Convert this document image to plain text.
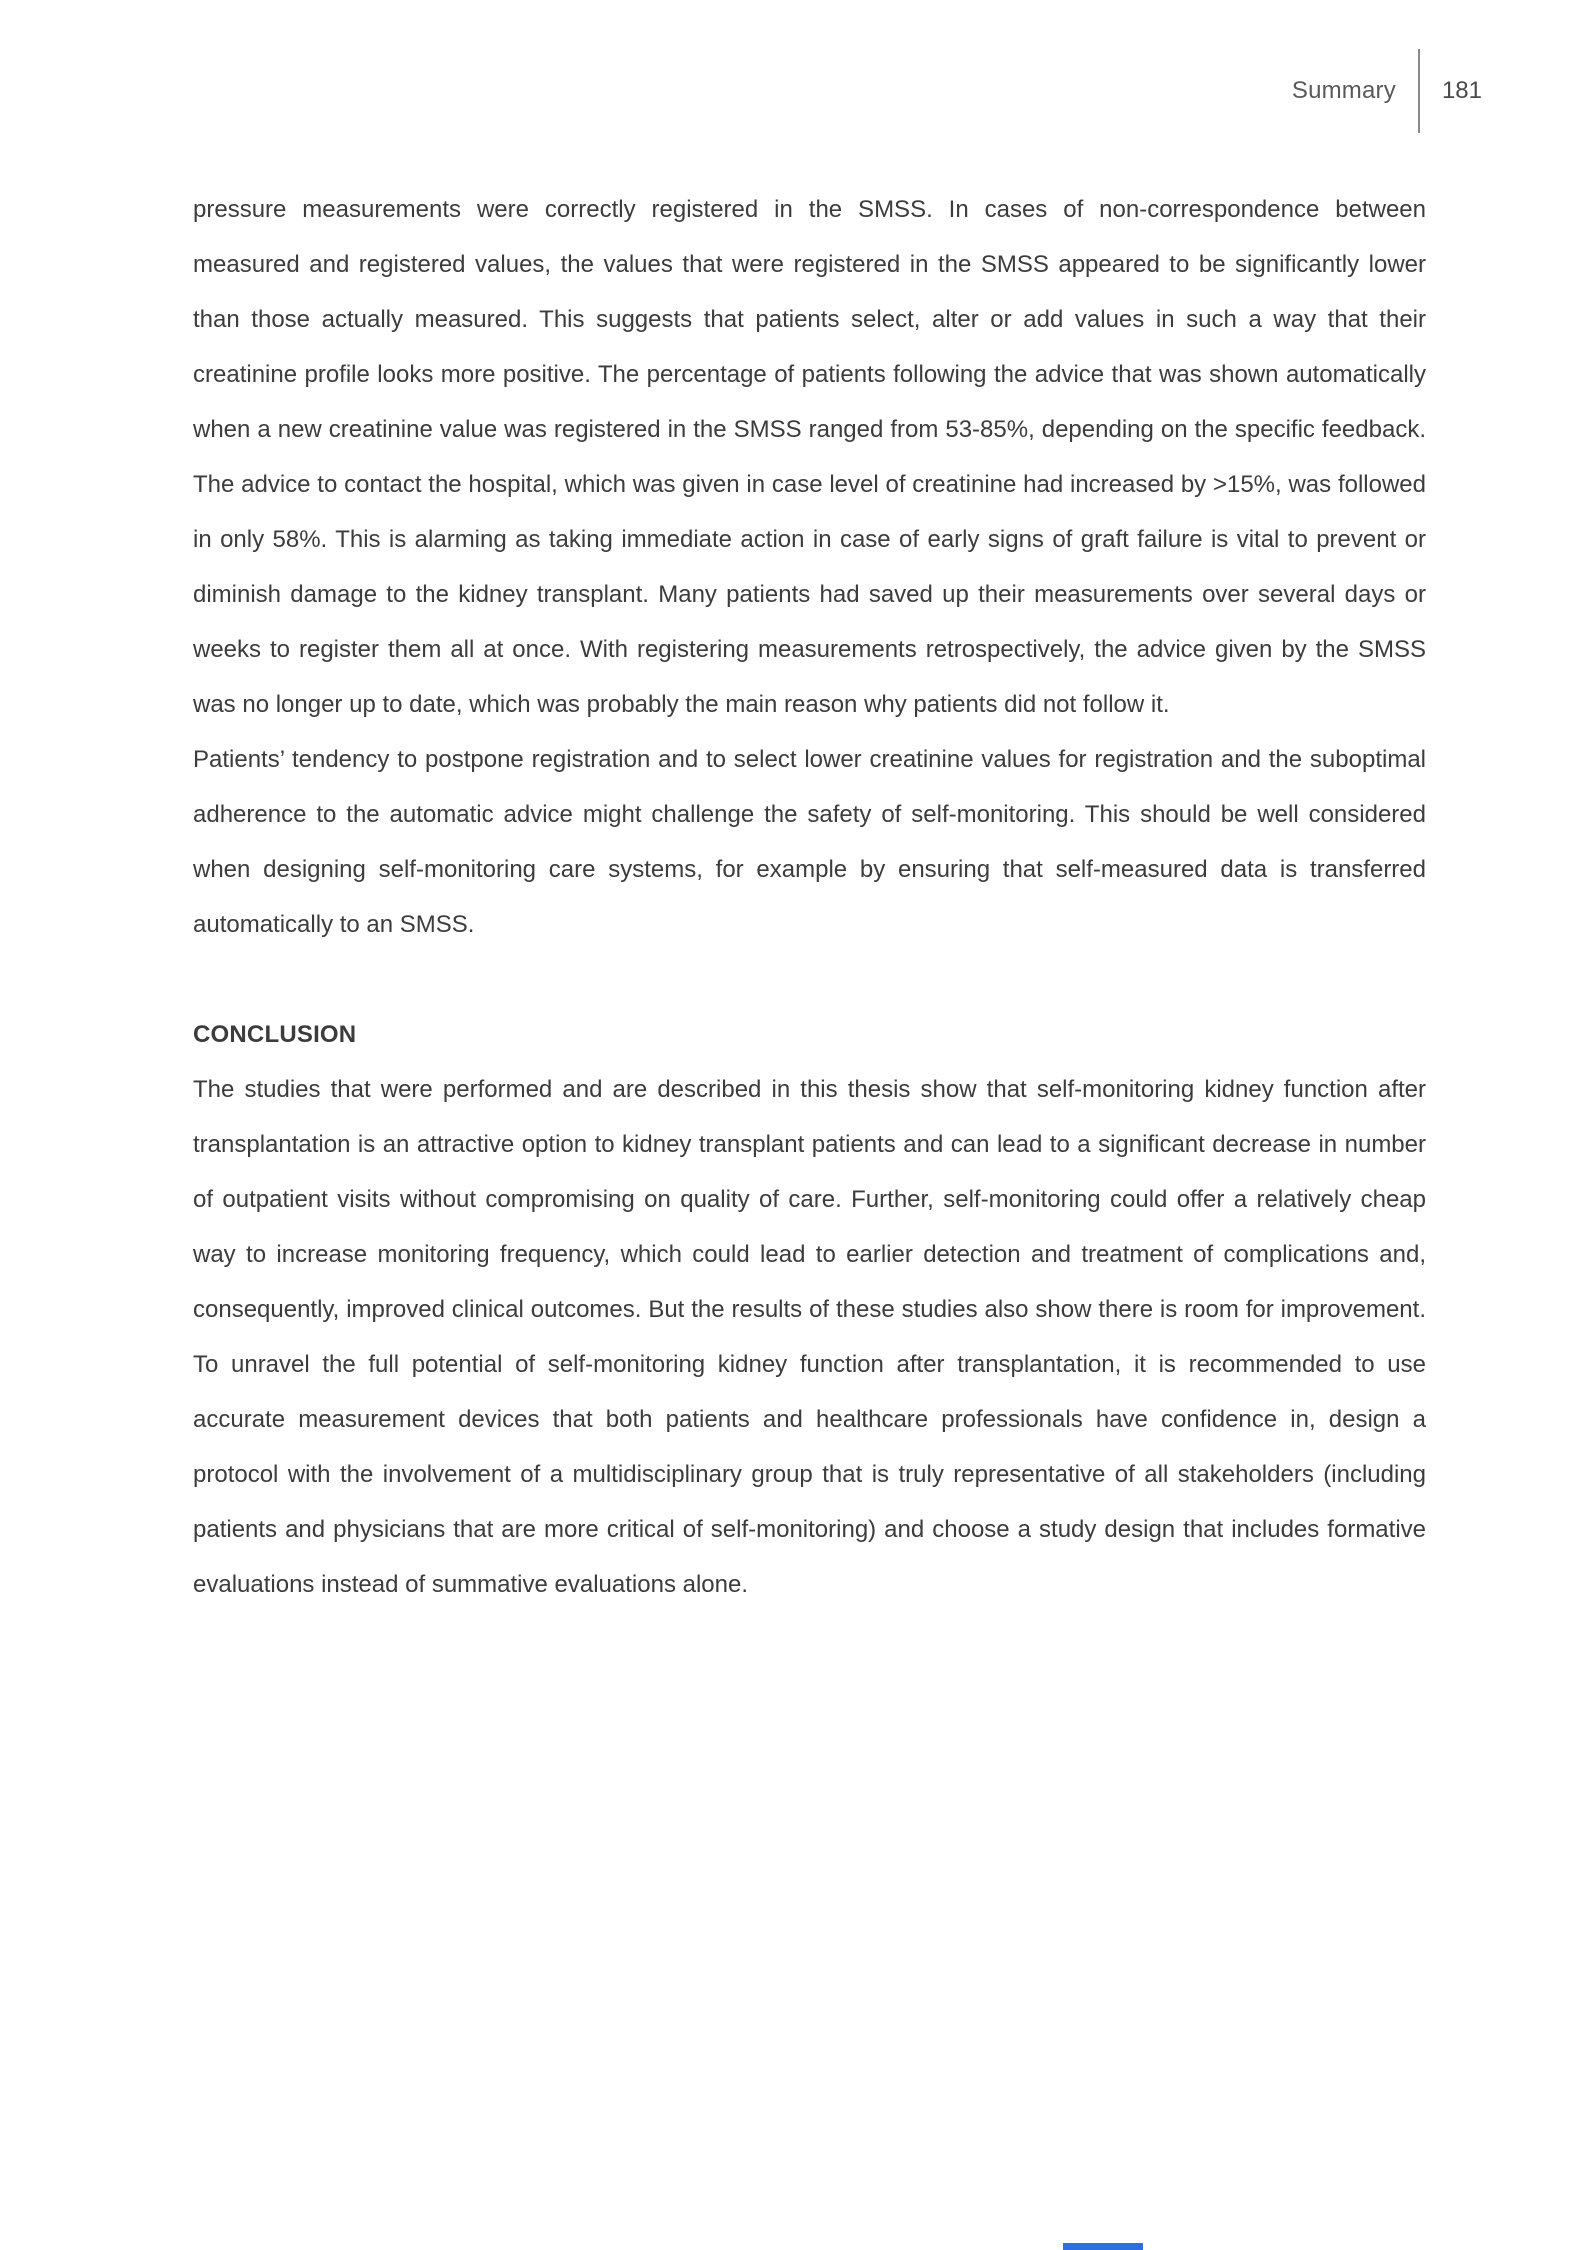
Summary 181

pressure measurements were correctly registered in the SMSS. In cases of non-correspondence between measured and registered values, the values that were registered in the SMSS appeared to be significantly lower than those actually measured. This suggests that patients select, alter or add values in such a way that their creatinine profile looks more positive. The percentage of patients following the advice that was shown automatically when a new creatinine value was registered in the SMSS ranged from 53-85%, depending on the specific feedback. The advice to contact the hospital, which was given in case level of creatinine had increased by >15%, was followed in only 58%. This is alarming as taking immediate action in case of early signs of graft failure is vital to prevent or diminish damage to the kidney transplant. Many patients had saved up their measurements over several days or weeks to register them all at once. With registering measurements retrospectively, the advice given by the SMSS was no longer up to date, which was probably the main reason why patients did not follow it.

Patients’ tendency to postpone registration and to select lower creatinine values for registration and the suboptimal adherence to the automatic advice might challenge the safety of self-monitoring. This should be well considered when designing self-monitoring care systems, for example by ensuring that self-measured data is transferred automatically to an SMSS.

CONCLUSION

The studies that were performed and are described in this thesis show that self-monitoring kidney function after transplantation is an attractive option to kidney transplant patients and can lead to a significant decrease in number of outpatient visits without compromising on quality of care. Further, self-monitoring could offer a relatively cheap way to increase monitoring frequency, which could lead to earlier detection and treatment of complications and, consequently, improved clinical outcomes. But the results of these studies also show there is room for improvement. To unravel the full potential of self-monitoring kidney function after transplantation, it is recommended to use accurate measurement devices that both patients and healthcare professionals have confidence in, design a protocol with the involvement of a multidisciplinary group that is truly representative of all stakeholders (including patients and physicians that are more critical of self-monitoring) and choose a study design that includes formative evaluations instead of summative evaluations alone.
